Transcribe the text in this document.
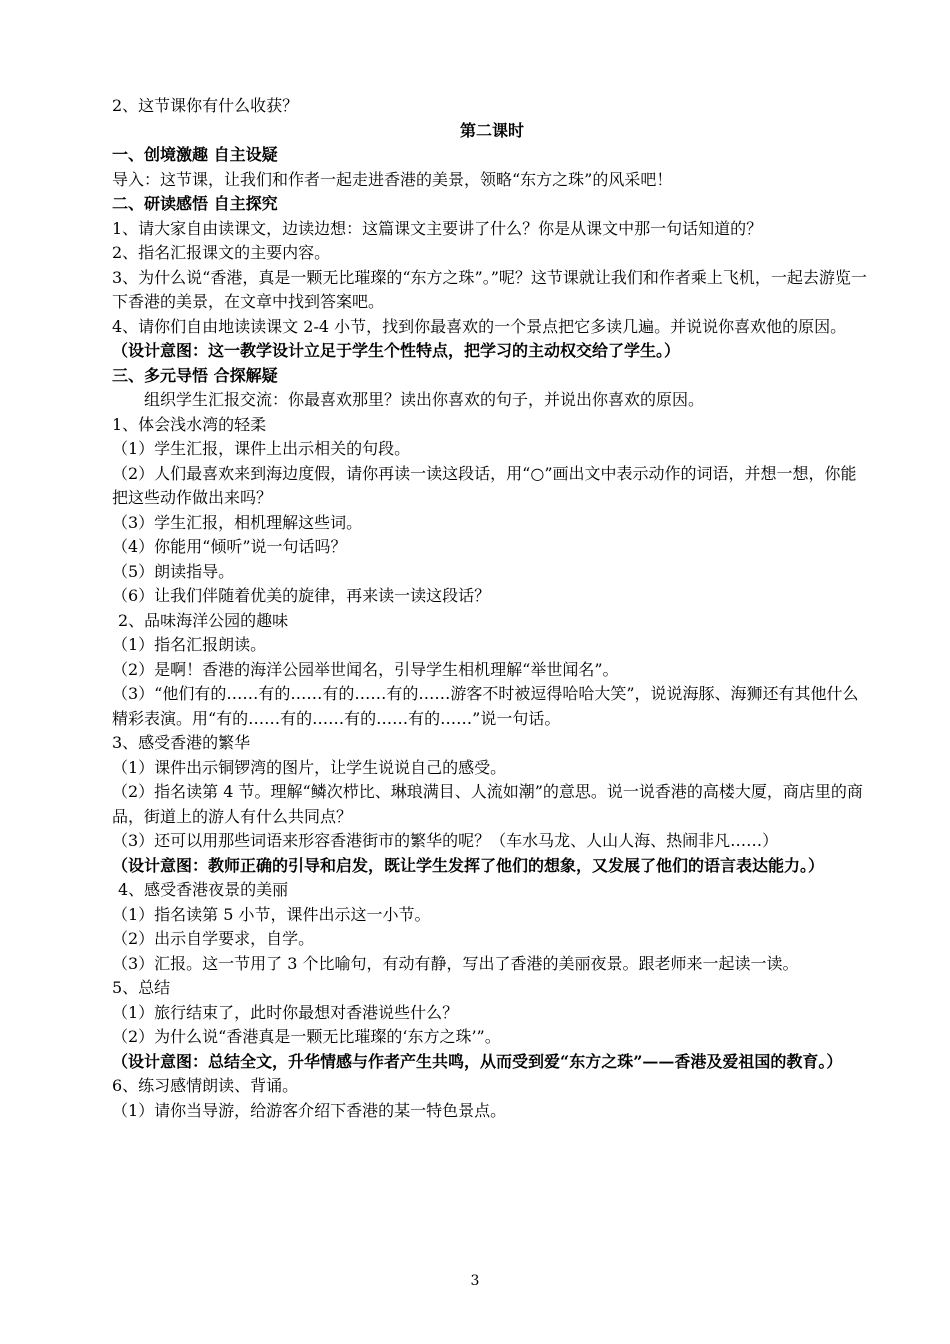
2、这节课你有什么收获？
第二课时
一、创境激趣 自主设疑
导入：这节课，让我们和作者一起走进香港的美景，领略“东方之珠”的风采吧！
二、研读感悟 自主探究
1、请大家自由读课文，边读边想：这篇课文主要讲了什么？你是从课文中那一句话知道的？
2、指名汇报课文的主要内容。
3、为什么说“香港，真是一颗无比璀璨的“东方之珠”。”呢？这节课就让我们和作者乘上飞机，一起去游览一下香港的美景，在文章中找到答案吧。
4、请你们自由地读读课文 2-4 小节，找到你最喜欢的一个景点把它多读几遍。并说说你喜欢他的原因。
（设计意图：这一教学设计立足于学生个性特点，把学习的主动权交给了学生。）
三、多元导悟 合探解疑
组织学生汇报交流：你最喜欢那里？读出你喜欢的句子，并说出你喜欢的原因。
1、体会浅水湾的轻柔
（1）学生汇报，课件上出示相关的句段。
（2）人们最喜欢来到海边度假，请你再读一读这段话，用“○”画出文中表示动作的词语，并想一想，你能把这些动作做出来吗？
（3）学生汇报，相机理解这些词。
（4）你能用“倾听”说一句话吗？
（5）朗读指导。
（6）让我们伴随着优美的旋律，再来读一读这段话？
2、品味海洋公园的趣味
（1）指名汇报朗读。
（2）是啊！香港的海洋公园举世闻名，引导学生相机理解“举世闻名”。
（3）“他们有的……有的……有的……有的……游客不时被逗得哈哈大笑”，说说海豚、海狮还有其他什么精彩表演。用“有的……有的……有的……有的……”说一句话。
3、感受香港的繁华
（1）课件出示铜锣湾的图片，让学生说说自己的感受。
（2）指名读第 4 节。理解“鳞次栉比、琳琅满目、人流如潮”的意思。说一说香港的高楼大厦，商店里的商品，街道上的游人有什么共同点？
（3）还可以用那些词语来形容香港街市的繁华的呢？（车水马龙、人山人海、热闹非凡……）
（设计意图：教师正确的引导和启发，既让学生发挥了他们的想象，又发展了他们的语言表达能力。）
4、感受香港夜景的美丽
（1）指名读第 5 小节，课件出示这一小节。
（2）出示自学要求，自学。
（3）汇报。这一节用了 3 个比喻句，有动有静，写出了香港的美丽夜景。跟老师来一起读一读。
5、总结
（1）旅行结束了，此时你最想对香港说些什么？
（2）为什么说“香港真是一颗无比璀璨的‘东方之珠’”。
（设计意图：总结全文，升华情感与作者产生共鸣，从而受到爱“东方之珠”——香港及爱祖国的教育。）
6、练习感情朗读、背诵。
（1）请你当导游，给游客介绍下香港的某一特色景点。
3
